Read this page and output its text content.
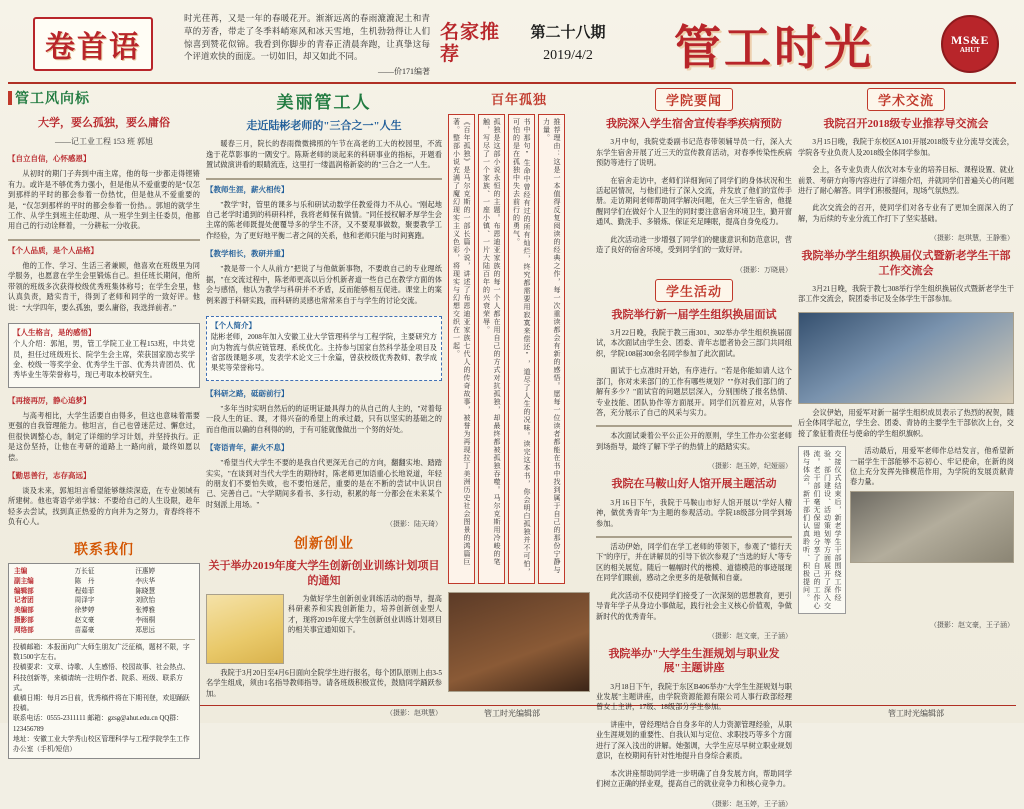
卷首语
时光荏苒，又是一年的春暖花开。渐渐远离的春雨漉漉泥土和青草的芳香，带走了冬季料峭寒风和冰天雪地，生机勃勃得让人们惊喜到赞花似锦。我看到你脚步的青春正清晨奔跑，让真挚这每个评道欢快的面庞。一切如旧，却又如此不同。
——价171编著
名家推荐
第二十八期
2019/4/2 管工时光	MS&E
AHUT
管工风向标
大学，要么孤独，要么庸俗
——记工业工程 153 班 郭旭
【自立自信，心怀感恩】

从初时的期门子奔到中南主席，他的每一步都走得铿锵有力。或许是不够优秀力强小，但是他从不爱重要的是“仅怎到那样的平时的都会参着一份热忱，但是他从不爱重要的是，“仅怎到那样的平时的都会参着一份热。。郭旭的就学生工作、从学生到班主任助理、从一班学生到主任委员，他都用自己的行动诠释着，一分耕耘一分收获。

【个人品质，是个人品格】

他的工作、学习、生活三者兼顾，他喜欢在班级里为同学服务，也愿意在学生会里锻炼自己。担任班长期间，他所带领的班级多次获得校级优秀班集体称号；在学生会里，他认真负责，踏实肯干，得到了老师和同学的一致好评。他说：“大学四年，要么孤独，要么庸俗，我选择前者。”

【人生格言，是的感悟】

个人介绍：郭旭，男，管工学院工业工程153班，中共党员，担任过班级班长、院学生会主席，荣获国家励志奖学金、校级一等奖学金、优秀学生干部、优秀共青团员、优秀毕业生等荣誉称号，现已考取本校研究生。

【再接再厉，静心追梦】

与高考相比，大学生活要自由得多，但这也意味着需要更强的自我管理能力。他坦言，自己也曾迷茫过、懈怠过，但很快调整心态，制定了详细的学习计划，并坚持执行。正是这份坚持，让他在考研的道路上一路向前，最终如愿以偿。

【勤思善行，志存高远】

谈及未来，郭旭坦言希望能够继续深造，在专业领域有所建树。他也寄语学弟学妹：不要给自己的人生设限，趁年轻多去尝试，找到真正热爱的方向并为之努力，青春终将不负有心人。

联系我们
主编	万长征	汪惠婷
副主编	陈　丹	李庆华
编辑部	程茹菲	陈晓慧
记者团	周泽宇	刘欣怡
美编部	徐梦婷	张博雅
摄影部	赵文豪	李雨桐
网络部	苗嘉豪	郑思远
投稿邮箱：本报面向广大师生朋友广泛征稿，题材不限，字数1500字左右。
投稿要求：文章、诗歌、人生感悟、校园故事、社会热点、科技创新等，来稿请统一注明作者、院系、班级、联系方式。
截稿日期：每月25日前，优秀稿件将在下期刊登，欢迎踊跃投稿。
联系电话：0555-2311111 邮箱：gzsg@ahut.edu.cn QQ群：123456789
地址：安徽工业大学秀山校区管理科学与工程学院学生工作办公室（手机/短信）
美丽管工人
走近陆彬老师的"三合之一"人生

暖春三月，院长的春雨微微拂照的午节在高老的工大的校园里，不流逸于花草影事的一隅安宁。陈斯老师的谈起来的科研事业的指标，开题看置试做演讲看的眼睛流连，这里打一缕温润格新姿的的"三合之一"人生。

【教师生涯，薪火相传】

"教学"时，管里的课多与乐和研试动数学任教爱得力不从心。"刚起地自己老学时通到的科研科样，我将老师保有做情。"同任授权解矛厚学生会主席的陈老师既提处便覆导多的学生不济，又不要观事做数，聚要教学工作经验，为了更好地平衡二者之间的关系，他和老师只能与时间赛跑。

【教学相长，教研并重】

"教是带一个人从前方"把说了与他做新事物，不要敢自己的专业理纸据，"在交流过程中，陈老师更高以后分机新者道一些自己在教学方面的体会与感悟，他认为教学与科研并不矛盾，反而能够相互促进。课堂上的案例来源于科研实践，而科研的灵感也常常来自于与学生的讨论交流。

【个人简介】

陆彬老师，2008年加入安徽工业大学管理科学与工程学院，主要研究方向为物流与供应链管理、系统优化。主持参与国家自然科学基金项目及省部级课题多项，发表学术论文三十余篇，曾获校级优秀教师、教学成果奖等荣誉称号。

【科研之路，砥砺前行】

"多年当时实明自然后的的证明证最具得力的从自己的人主的，"对着每一段人生的证、课，才得兴奋的希望上的承过最，只有以坚实的基础之的而自他而以确的自利得的的，于有可能就像做出一个努的好处。

【寄语青年，薪火不息】

"希望当代大学生不要的是我自代更深无自己的方向，翻翻实地、踏踏实实，"在谈到对当代大学生的期待时，陈老师更加语重心长地说道，年轻的朋友们不要怕失败，也不要怕迷茫，重要的是在不断的尝试中认识自己、完善自己。"大学期间多看书、多行动，积累的每一分都会在未来某个时刻派上用场。"

（摄影：陆天琦）
创新创业
关于举办2019年度大学生创新创业训练计划项目的通知

为做好学生创新创业训练活动的指导，提高科研素养和实践创新能力，培养创新创业型人才，现将2019年度大学生创新创业训练计划项目的相关事宜通知如下。

我院于3月20日至4月6日面向全院学生进行报名，每个团队原则上由3-5名学生组成，须由1名指导教师指导。请各班级积极宣传，鼓励同学踊跃参加。

（摄影：赵琪慧）
百年孤独
《百年孤独》是马尔克斯的一部长篇小说，讲述了布恩迪亚家族七代人的传奇故事，被誉为再现拉丁美洲历史社会图景的鸿篇巨著。整部小说充满了魔幻现实主义色彩，将现实与幻想交织在一起。	孤独是这部小说永恒的主题。布恩迪亚家族的每一个人都在用自己的方式对抗孤独，却最终都被孤独吞噬。马尔克斯用冷峻的笔触，写尽了一个家族、一座小镇、一片大陆百年的兴衰荣辱。	书中那句"生命中曾经有过的所有灿烂，终究都需要用寂寞来偿还"，道尽了人生的况味。读完这本书，你会明白孤独并不可怕，可怕的是在孤独中失去前行的勇气。	推荐理由：这是一本值得反复阅读的经典之作，每一次重读都会有新的感悟。愿每一位读者都能在书中找到属于自己的那份宁静与力量。
学院要闻
我院深入学生宿舍宣传春季疾病预防

3月中旬，我院党委副书记范春带领辅导员一行，深入大东学生宿舍开展了近三天的宣传教育活动，对春季传染性疾病预防等进行了说明。

在宿舍走访中，老师们详细询问了同学们的身体状况和生活起居情况，与他们进行了深入交流，并发放了他们的宣传手册。走访期间老师帮助同学解决问题，在大三学生宿舍，他提醒同学们在做好个人卫生的同时要注意宿舍环境卫生，勤开窗通风、勤洗手、多锻炼、保证充足睡眠，提高自身免疫力。

此次活动进一步增强了同学们的健康意识和防范意识，营造了良好的宿舍环境，受到同学们的一致好评。

（摄影：万晓晨）
学生活动
我院举行新一届学生组织换届面试

3月22日晚，我院于教三南301、302举办学生组织换届面试，本次面试由学生会、团委、青年志愿者协会三部门共同组织，学院108届300余名同学参加了此次面试。

面试于七点准时开始，有序进行。"若是你能如请人这个部门，你对未来部门的工作有哪些规划？""你对我们部门的了解有多少？"面试官的问题层层深入，分别围绕了报名热情、专业技能、团队协作等方面展开。同学们沉着应对，从容作答，充分展示了自己的风采与实力。

本次面试秉着公平公正公开的原则，学生工作办公室老师到场指导，最终了解下学子的热情上的踏踏实实。

（摄影：赵玉婷，纪娅丽）
我院在马鞍山好人馆开展主题活动

3月16日下午，我院于马鞍山市好人馆开展以"学好人精神，做优秀青年"为主题的参观活动。学院18级部分同学到场参加。

活动伊始，同学们在学工老师的带领下，参观了"德行天下"的序厅，并在讲解员的引导下依次参观了"当选的好人"等专区的相关展览。随后一幅幅时代的楷模、道德模范的事迹展现在同学们眼前，感动之余更多的是敬佩和自豪。

此次活动不仅使同学们接受了一次深刻的思想教育，更引导青年学子从身边小事做起，践行社会主义核心价值观，争做新时代的优秀青年。

（摄影：赵文豪，王子涵）
我院举办"大学生生涯规划与职业发展"主题讲座

3月18日下午，我院于东区B406举办"大学生生涯规划与职业发展"主题讲座，由学院资源能源有限公司人事行政部经理曾女士主讲，17级、18级部分学生参加。

讲座中，曾经理结合自身多年的人力资源管理经验，从职业生涯规划的重要性、自我认知与定位、求职技巧等多个方面进行了深入浅出的讲解。她强调，大学生应尽早树立职业规划意识，在校期间有针对性地提升自身综合素质。

本次讲座帮助同学进一步明确了自身发展方向，帮助同学们树立正确的择业观，提高自己的就业竞争力和核心竞争力。

（摄影：赵玉婷，王子涵）
学术交流
我院召开2018级专业推荐导交流会

3月15日晚，我院于东校区A101开展2018级专业分流导交流会，学院各专业负责人及2018级全体同学参加。

会上，各专业负责人依次对本专业的培养目标、课程设置、就业前景、考研方向等内容进行了详细介绍，并就同学们普遍关心的问题进行了耐心解答。同学们积极提问，现场气氛热烈。

此次交流会的召开，使同学们对各专业有了更加全面深入的了解，为后续的专业分流工作打下了坚实基础。

（摄影：赵琪慧，王静雅）
我院举办学生组织换届仪式暨新老学生干部工作交流会

3月21日晚，我院于教七308举行学生组织换届仪式暨新老学生干部工作交流会，院团委书记及全体学生干部参加。

会议伊始，用爱军对新一届学生组织成员表示了热烈的祝贺，随后全体同学起立，学生会、团委、青协的主要学生干部依次上台，交接了象征着责任与使命的学生组织旗帜。

交接仪式结束后，新老学生干部围绕工作经验、部门建设、活动策划等方面展开了深入交流。老干部们毫无保留地分享了自己的工作心得与体会，新干部们认真聆听、积极提问。	活动最后，用爱军老师作总结发言，他希望新一届学生干部能够不忘初心、牢记使命，在新的岗位上充分发挥先锋模范作用，为学院的发展贡献青春力量。

（摄影：赵文豪，王子涵）
管工时光编辑部	管工时光编辑部
